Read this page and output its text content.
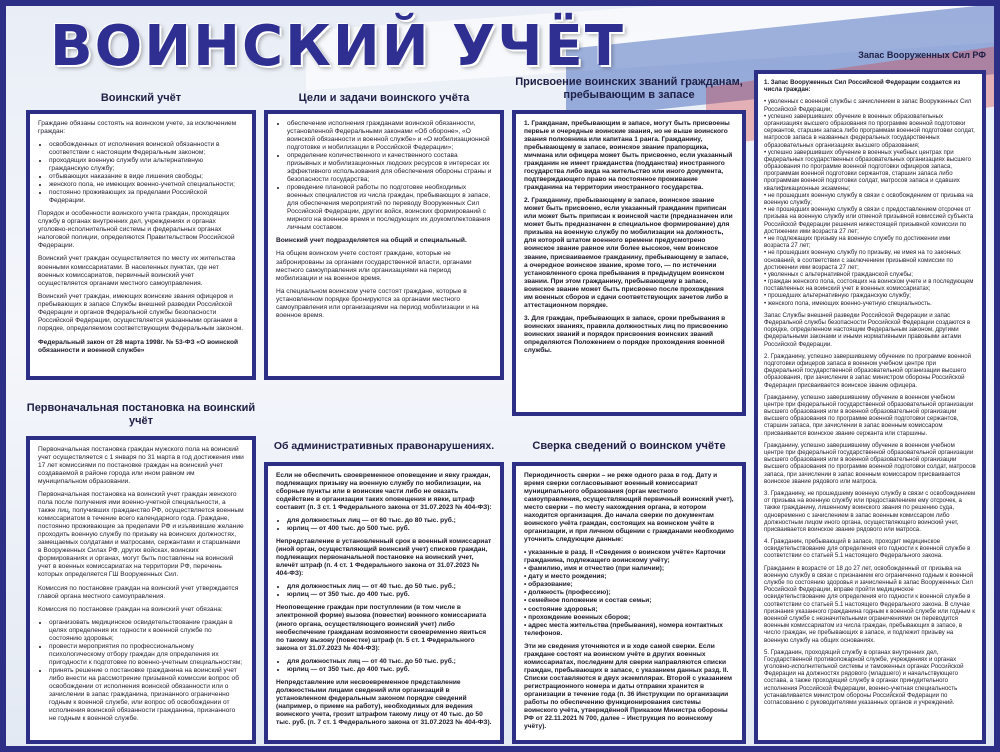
ВОИНСКИЙ УЧЁТ
Воинский учёт

Граждане обязаны состоять на воинском учете, за исключением граждан:

• освобожденных от исполнения воинской обязанности в соответствии с настоящим Федеральным законом;
• проходящих военную службу или альтернативную гражданскую службу;
• отбывающих наказание в виде лишения свободы;
• женского пола, не имеющих военно-учетной специальности;
• постоянно проживающих за пределами Российской Федерации.

Порядок и особенности воинского учета граждан, проходящих службу в органах внутренних дел, учреждениях и органах уголовно-исполнительной системы и федеральных органах налоговой полиции, определяются Правительством Российской Федерации.

Воинский учет граждан осуществляется по месту их жительства военными комиссариатами. В населенных пунктах, где нет военных комиссариатов, первичный воинский учет осуществляется органами местного самоуправления.

Воинский учет граждан, имеющих воинские звания офицеров и пребывающих в запасе Службы внешней разведки Российской Федерации и органов Федеральной службы безопасности Российской Федерации, осуществляется указанными органами в порядке, определяемом соответствующим Федеральным законом.

Федеральный закон от 28 марта 1998г. № 53-ФЗ «О воинской обязанности и военной службе»

Цели и задачи воинского учёта
• обеспечение исполнения гражданами воинской обязанности, установленной Федеральными законами «Об обороне», «О воинской обязанности и военной службе» и «О мобилизационной подготовке и мобилизации в Российской Федерации»;
• определение количественного и качественного состава призывных и мобилизационных людских ресурсов в интересах их эффективного использования для обеспечения обороны страны и безопасности государства;
• проведение плановой работы по подготовке необходимых военных специалистов из числа граждан, пребывающих в запасе, для обеспечения мероприятий по переводу Вооруженных Сил Российской Федерации, других войск, воинских формирований с мирного на военное время и последующих их доукомплектования личным составом.

Воинский учет подразделяется на общий и специальный.

На общем воинском учете состоят граждане, которые не забронированы за органами государственной власти, органами местного самоуправления или организациями на период мобилизации и на военное время.

На специальном воинском учете состоят граждане, которые в установленном порядке бронируются за органами местного самоуправления или организациями на период мобилизации и на военное время.

Присвоение воинских званий гражданам, пребывающим в запасе

1. Гражданам, пребывающим в запасе, могут быть присвоены первые и очередные воинские звания, но не выше воинского звания полковника или капитана 1 ранга. Гражданину, пребывающему в запасе, воинское звание прапорщика, мичмана или офицера может быть присвоено, если указанный гражданин не имеет гражданства (подданства) иностранного государства либо вида на жительство или иного документа, подтверждающего право на постоянное проживание гражданина на территории иностранного государства.

2. Гражданину, пребывающему в запасе, воинское звание может быть присвоено, если указанный гражданин приписан или может быть приписан к воинской части (предназначен или может быть предназначен в специальное формирование) для призыва на военную службу по мобилизации на должность, для которой штатом военного времени предусмотрено воинское звание равное или более высокое, чем воинское звание, присваиваемое гражданину, пребывающему в запасе, а очередное воинское звание, кроме того, — по истечении установленного срока пребывания в предыдущем воинском звании. При этом гражданину, пребывающему в запасе, воинское звание может быть присвоено после прохождения им военных сборов и сдачи соответствующих зачетов либо в аттестационном порядке.

3. Для граждан, пребывающих в запасе, сроки пребывания в воинских званиях, правила должностных лиц по присвоению воинских званий и порядок присвоения воинских званий определяются Положением о порядке прохождения военной службы.

Запас Вооруженных Сил РФ

1. Запас Вооруженных Сил Российской Федерации создается из числа граждан:

• уволенных с военной службы с зачислением в запас Вооруженных Сил Российской Федерации;
• успешно завершивших обучение в военных образовательных организациях высшего образования по программе военной подготовки сержантов, старшин запаса либо программам военной подготовки солдат, матросов запаса в названных федеральных государственных образовательных организациях высшего образования;
• успешно завершивших обучение в военных учебных центрах при федеральных государственных образовательных организациях высшего образования по программе военной подготовки офицеров запаса, программам военной подготовки сержантов, старшин запаса либо программам военной подготовки солдат, матросов запаса и сдавших квалификационные экзамены;
• не прошедших военную службу в связи с освобождением от призыва на военную службу;
• не прошедших военную службу в связи с предоставлением отсрочек от призыва на военную службу или отменой призывной комиссией субъекта Российской Федерации решения нижестоящей призывной комиссии по достижении ими возраста 27 лет;
• не подлежащих призыву на военную службу по достижении ими возраста 27 лет;
• не прошедших военную службу по призыву, не имея на то законных оснований, в соответствии с заключением призывной комиссии по достижении ими возраста 27 лет;
• уволенных с альтернативной гражданской службы;
• граждан женского пола, состоящих на воинском учете и в последующем поставленных на воинский учет в военных комиссариатах;
• прошедших альтернативную гражданскую службу;
• женского пола, имеющих военно-учетную специальность.

Запас Службы внешней разведки Российской Федерации и запас Федеральной службы безопасности Российской Федерации создаются в порядке, определенном настоящим Федеральным законом, другими федеральными законами и иными нормативными правовыми актами Российской Федерации.

2. Гражданину, успешно завершившему обучение по программе военной подготовки офицеров запаса в военном учебном центре при федеральной государственной образовательной организации высшего образования, при зачислении в запас министром обороны Российской Федерации присваивается воинское звание офицера.

Гражданину, успешно завершившему обучение в военном учебном центре при федеральной государственной образовательной организации высшего образования или в военной образовательной организации высшего образования по программе военной подготовки сержантов, старшин запаса, при зачислении в запас военным комиссаром присваивается воинское звание сержанта или старшины.

Гражданину, успешно завершившему обучение в военном учебном центре при федеральной государственной образовательной организации высшего образования или в военной образовательной организации высшего образования по программе военной подготовки солдат, матросов запаса, при зачислении в запас военным комиссаром присваивается воинское звание рядового или матроса.

3. Гражданину, не прошедшему военную службу в связи с освобождением от призыва на военную службу или предоставлением ему отсрочек, а также гражданину, лишенному воинского звания по решению суда, одновременно с зачислением в запас военным комиссаром либо должностным лицом иного органа, осуществляющего воинский учет, присваивается воинское звание рядового или матроса.

4. Гражданин, пребывающий в запасе, проходит медицинское освидетельствование для определения его годности к военной службе в соответствии со статьей 5.1 настоящего Федерального закона.

Гражданин в возрасте от 18 до 27 лет, освобожденный от призыва на военную службу в связи с признанием его ограниченно годным к военной службе по состоянию здоровья и зачисленный в запас Вооруженных Сил Российской Федерации, вправе пройти медицинское освидетельствование для определения его годности к военной службе в соответствии со статьей 5.1 настоящего Федерального закона. В случае признания указанного гражданина годным к военной службе или годным к военной службе с незначительными ограничениями он переводится военным комиссариатом из числа граждан, пребывающих в запасе, в число граждан, не пребывающих в запасе, и подлежит призыву на военную службу на общих основаниях.

5. Гражданин, проходящий службу в органах внутренних дел, Государственной противопожарной службе, учреждениях и органах уголовно-исполнительной системы и таможенных органах Российской Федерации на должностях рядового (младшего) и начальствующего состава, а также проходящий службу в органах принудительного исполнения Российской Федерации, военно-учетная специальность устанавливается министром обороны Российской Федерации по согласованию с руководителями указанных органов и учреждений.

Первоначальная постановка на воинский учёт

Первоначальная постановка граждан мужского пола на воинский учет осуществляется с 1 января по 31 марта в год достижения ими 17 лет комиссиями по постановке граждан на воинский учет создаваемой в районе города или ином равном им муниципальном образовании.

Первоначальная постановка на воинский учет граждан женского пола после получения ими военно-учетной специальности, а также лиц, получивших гражданство РФ, осуществляется военным комиссариатом в течение всего календарного года. Граждане, постоянно проживающие за пределами РФ и изъявившие желание проходить военную службу по призыву на воинских должностях, замещаемых солдатами и матросами, сержантами и старшинами в Вооруженных Силах РФ, других войсках, воинских формированиях и органах, могут быть поставлены на воинский учет в военных комиссариатах на территории РФ, перечень которых определяется ГШ Вооруженных Сил.

Комиссия по постановке граждан на воинский учет утверждается главой органа местного самоуправления.

Комиссия по постановке граждан на воинский учет обязана:

• организовать медицинское освидетельствование граждан в целях определения их годности к военной службе по состоянию здоровья;
• провести мероприятия по профессиональному психологическому отбору граждан для определения их пригодности к подготовке по военно-учетным специальностям;
• принять решение о постановке гражданина на воинский учет либо внести на рассмотрение призывной комиссии вопрос об освобождении от исполнения воинской обязанности или о зачислении в запас гражданина, признанного ограниченно годным к военной службе, или вопрос об освобождении от исполнения воинской обязанности гражданина, признанного не годным к военной службе.
Об административных правонарушениях.

Если не обеспечить своевременное оповещение и явку граждан, подлежащих призыву на военную службу по мобилизации, на сборные пункты или в воинские части либо не оказать содействие в организации таких оповещения и явки, штраф составит (п. 3 ст. 1 Федерального закона от 31.07.2023 № 404-ФЗ):

• для должностных лиц — от 60 тыс. до 80 тыс. руб.;
• юрлиц — от 400 тыс. до 500 тыс. руб.

Непредставление в установленный срок в военный комиссариат (иной орган, осуществляющий воинский учет) списков граждан, подлежащих первоначальной постановке на воинский учет, влечёт штраф (п. 4 ст. 1 Федерального закона от 31.07.2023 № 404-ФЗ):

• для должностных лиц — от 40 тыс. до 50 тыс. руб.;
• юрлиц — от 350 тыс. до 400 тыс. руб.

Неоповещение граждан при поступлении (в том числе в электронной форме) вызова (повестки) военного комиссариата (иного органа, осуществляющего воинский учет) либо необеспечение гражданам возможности своевременно явиться по такому вызову (повестке) штраф (п. 5 ст. 1 Федерального закона от 31.07.2023 № 404-ФЗ):

• для должностных лиц — от 40 тыс. до 50 тыс. руб.;
• юрлиц — от 350 тыс. до 400 тыс. руб.

Непредставление или несвоевременное представление должностными лицами сведений или организаций в установленном федеральным законом порядке сведений (например, о приеме на работу), необходимых для ведения воинского учета, грозит штрафом такому лицу от 40 тыс. до 50 тыс. руб. (п. 7 ст. 1 Федерального закона от 31.07.2023 № 404-ФЗ).

Сверка сведений о воинском учёте

Периодичность сверки – не реже одного раза в год. Дату и время сверки согласовывают военный комиссариат муниципального образования (орган местного самоуправления, осуществляющий первичный воинский учет), место сверки – по месту нахождения органа, в котором находится организация. До начала сверки по документам воинского учёта граждан, состоящих на воинском учёте в организации, и при личном общении с гражданами необходимо уточнить следующие данные:

• указанные в разд. II «Сведения о воинском учёте» Карточки гражданина, подлежащего воинскому учёту;
• фамилию, имя и отчество (при наличии);
• дату и место рождения;
• образование;
• должность (профессию);
• семейное положение и состав семьи;
• состояние здоровья;
• прохождение военных сборов;
• адрес места жительства (пребывания), номера контактных телефонов.

Эти же сведения уточняются и в ходе самой сверки. Если граждане состоят на воинском учёте в других военных комиссариатах, последним для сверки направляются списки граждан, пребывающих в запасе, с указанием данных разд. II. Списки составляются в двух экземплярах. Второй с указанием регистрационного номера и даты отправки хранится в организации в течение года (п. 36 Инструкции по организации работы по обеспечению функционирования системы воинского учёта, утверждённой Приказом Министра обороны РФ от 22.11.2021 N 700, далее – Инструкция по воинскому учёту).
